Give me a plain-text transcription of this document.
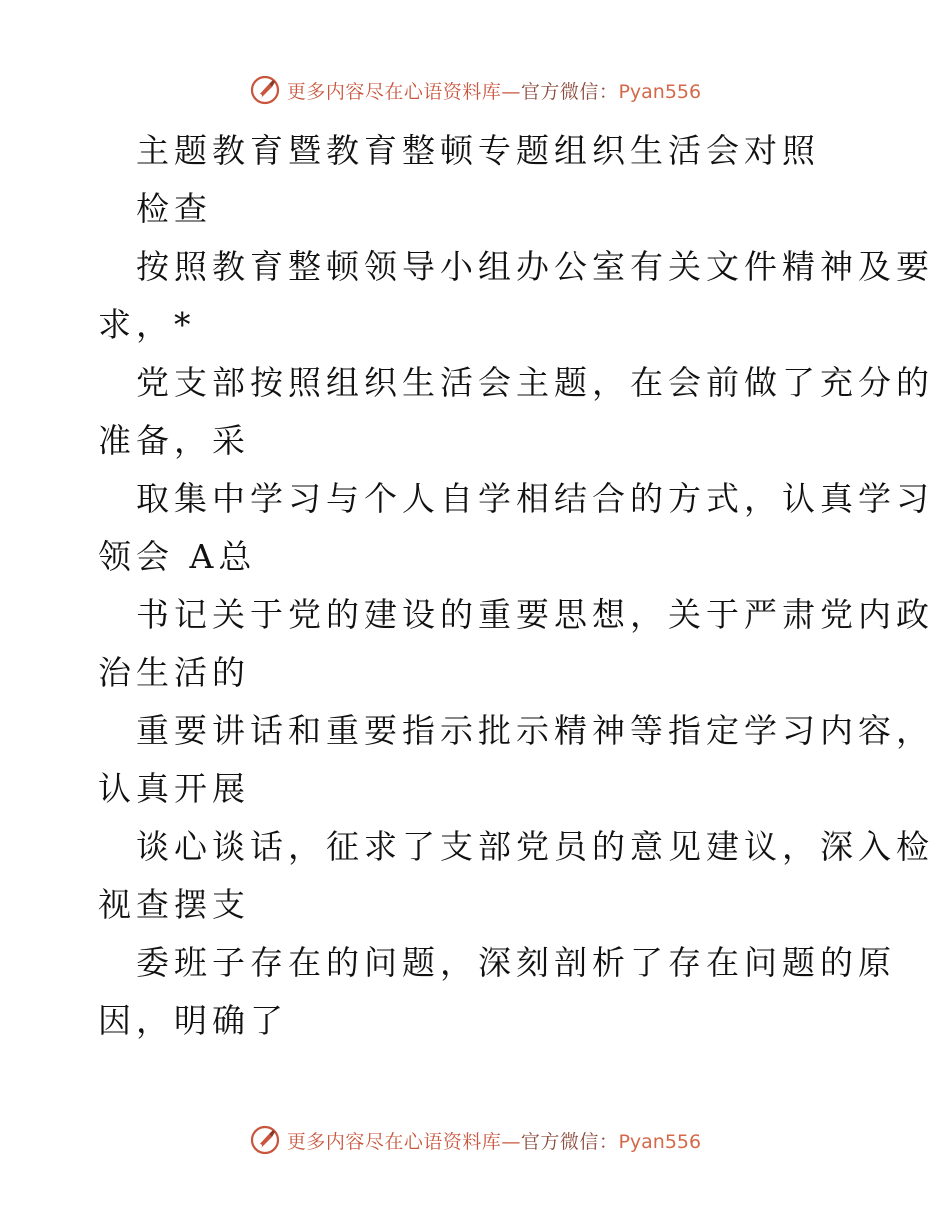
更多内容尽在心语资料库—官方微信：Pyan556
主题教育暨教育整顿专题组织生活会对照
检查
按照教育整顿领导小组办公室有关文件精神及要
求，*
党支部按照组织生活会主题，在会前做了充分的
准备，采
取集中学习与个人自学相结合的方式，认真学习
领会 A总
书记关于党的建设的重要思想，关于严肃党内政
治生活的
重要讲话和重要指示批示精神等指定学习内容，
认真开展
谈心谈话，征求了支部党员的意见建议，深入检
视查摆支
委班子存在的问题，深刻剖析了存在问题的原
因，明确了
更多内容尽在心语资料库—官方微信：Pyan556
